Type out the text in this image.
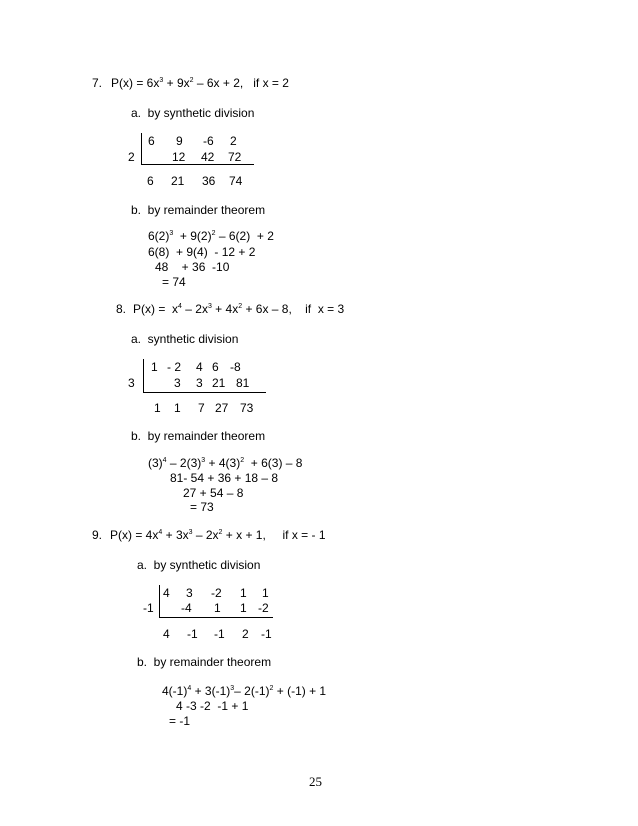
7. $P(x) = 6x^3 + 9x^2 - 6x + 2$,   if x = 2
a.  by synthetic division
6 9 -6 2
2	12 42 72
6 21 36 74
b.  by remainder theorem
$6(2)^3 + 9(2)^2 - 6(2) + 2$
6(8)  + 9(4)  - 12 + 2
48    + 36  -10
= 74
8. $P(x) = x^4 - 2x^3 + 4x^2 + 6x - 8$,    if  x = 3
a.  synthetic division
1 - 2 4 6 -8
3	3 3 21 81
1 1 7 27 73
b.  by remainder theorem
$(3)^4 - 2(3)^3 + 4(3)^2 + 6(3) - 8$
81- 54 + 36 + 18 – 8
27 + 54 – 8
= 73
9. $P(x) = 4x^4 + 3x^3 - 2x^2 + x + 1$,     if x = - 1
a.  by synthetic division
4 3 -2 1 1
-1 -4 1 1 -2
4 -1 -1 2 -1
b.  by remainder theorem
$4(-1)^4 + 3(-1)^3-$ $2(-1)^2 + (-1) + 1$
4 -3 -2  -1 + 1
= -1
25
